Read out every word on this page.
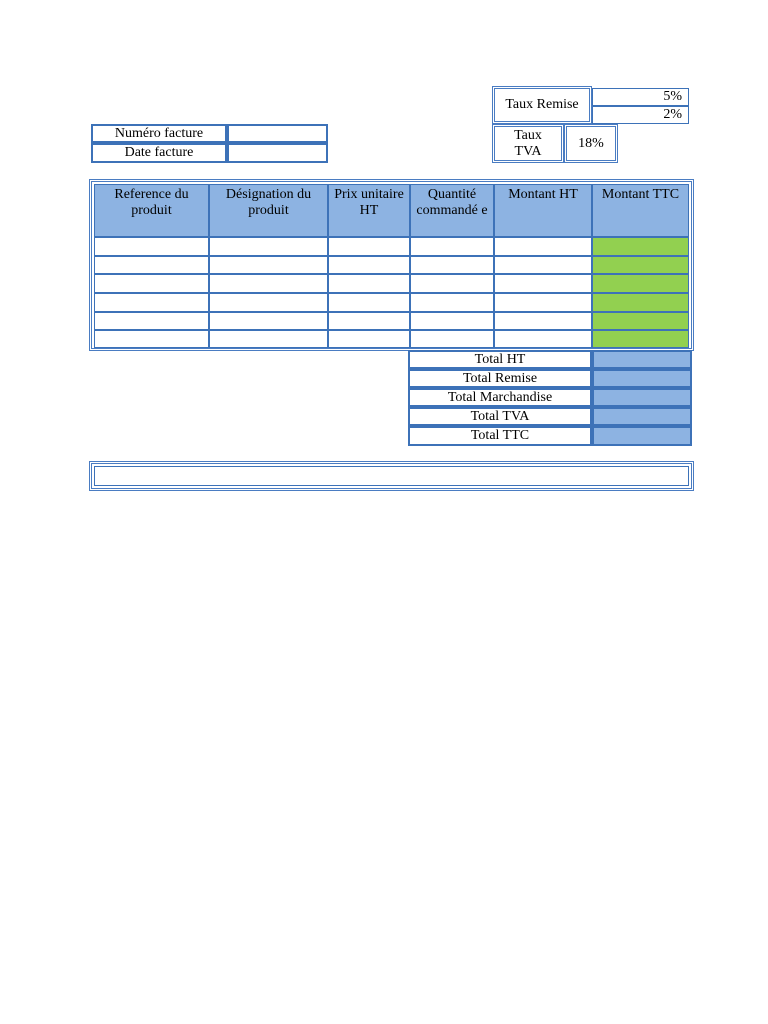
Taux Remise
5%
2%
Taux TVA
18%
Numéro facture
Date facture
Reference du produit
Désignation du produit
Prix unitaire HT
Quantité commandé e
Montant HT	Montant TTC
Total HT
Total Remise
Total Marchandise
Total TVA
Total TTC
